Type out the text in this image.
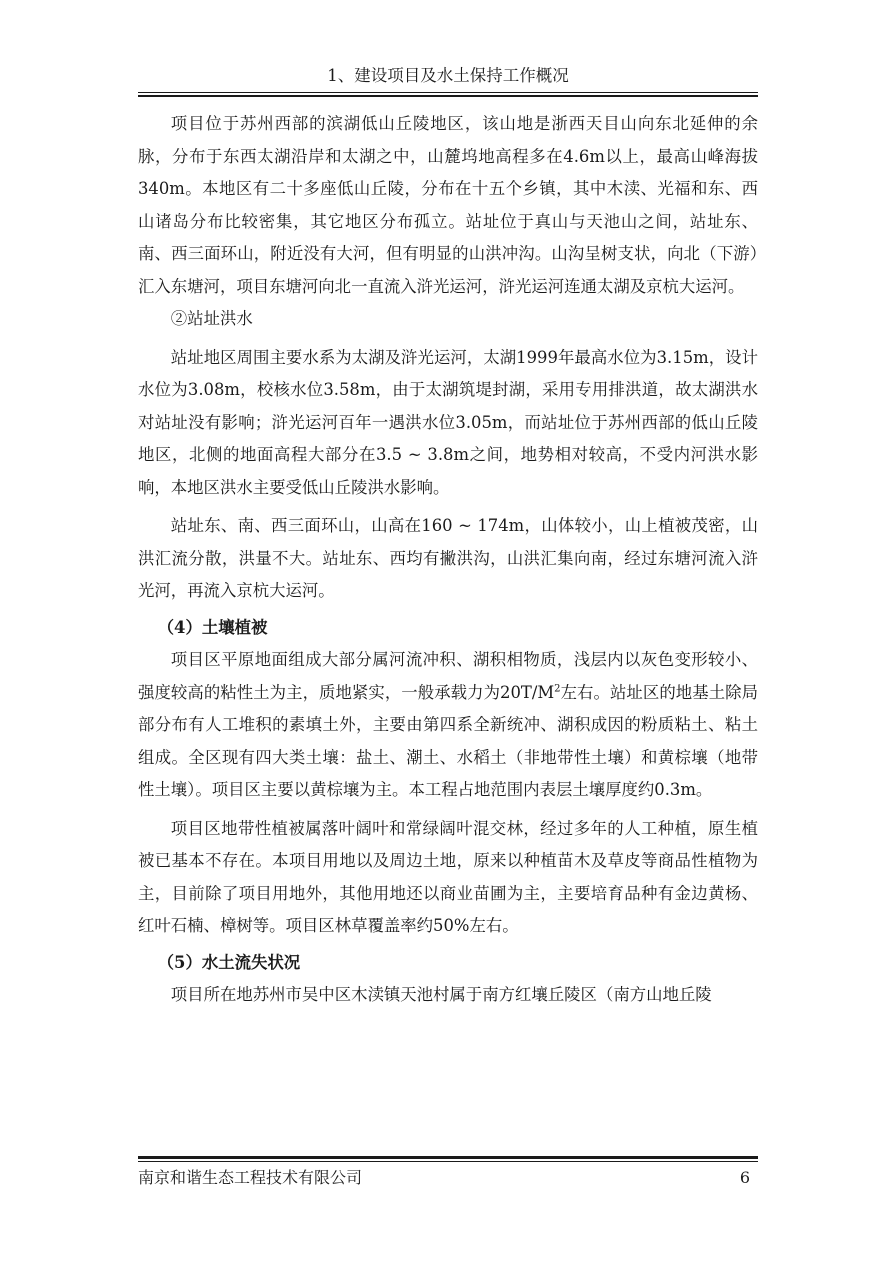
1、建设项目及水土保持工作概况

项目位于苏州西部的滨湖低山丘陵地区，该山地是浙西天目山向东北延伸的余脉，分布于东西太湖沿岸和太湖之中，山麓坞地高程多在4.6m以上，最高山峰海拔340m。本地区有二十多座低山丘陵，分布在十五个乡镇，其中木渎、光福和东、西山诸岛分布比较密集，其它地区分布孤立。站址位于真山与天池山之间，站址东、南、西三面环山，附近没有大河，但有明显的山洪冲沟。山沟呈树支状，向北（下游）汇入东塘河，项目东塘河向北一直流入浒光运河，浒光运河连通太湖及京杭大运河。

②站址洪水

站址地区周围主要水系为太湖及浒光运河，太湖1999年最高水位为3.15m，设计水位为3.08m，校核水位3.58m，由于太湖筑堤封湖，采用专用排洪道，故太湖洪水对站址没有影响；浒光运河百年一遇洪水位3.05m，而站址位于苏州西部的低山丘陵地区，北侧的地面高程大部分在3.5 ~ 3.8m之间，地势相对较高，不受内河洪水影响，本地区洪水主要受低山丘陵洪水影响。

站址东、南、西三面环山，山高在160 ~ 174m，山体较小，山上植被茂密，山洪汇流分散，洪量不大。站址东、西均有撇洪沟，山洪汇集向南，经过东塘河流入浒光河，再流入京杭大运河。

（4）土壤植被

项目区平原地面组成大部分属河流冲积、湖积相物质，浅层内以灰色变形较小、强度较高的粘性土为主，质地紧实，一般承载力为$20T/M^2$左右。站址区的地基土除局部分布有人工堆积的素填土外，主要由第四系全新统冲、湖积成因的粉质粘土、粘土组成。全区现有四大类土壤：盐土、潮土、水稻土（非地带性土壤）和黄棕壤（地带性土壤）。项目区主要以黄棕壤为主。本工程占地范围内表层土壤厚度约0.3m。

项目区地带性植被属落叶阔叶和常绿阔叶混交林，经过多年的人工种植，原生植被已基本不存在。本项目用地以及周边土地，原来以种植苗木及草皮等商品性植物为主，目前除了项目用地外，其他用地还以商业苗圃为主，主要培育品种有金边黄杨、红叶石楠、樟树等。项目区林草覆盖率约50%左右。

（5）水土流失状况

项目所在地苏州市吴中区木渎镇天池村属于南方红壤丘陵区（南方山地丘陵

南京和谐生态工程技术有限公司	6
